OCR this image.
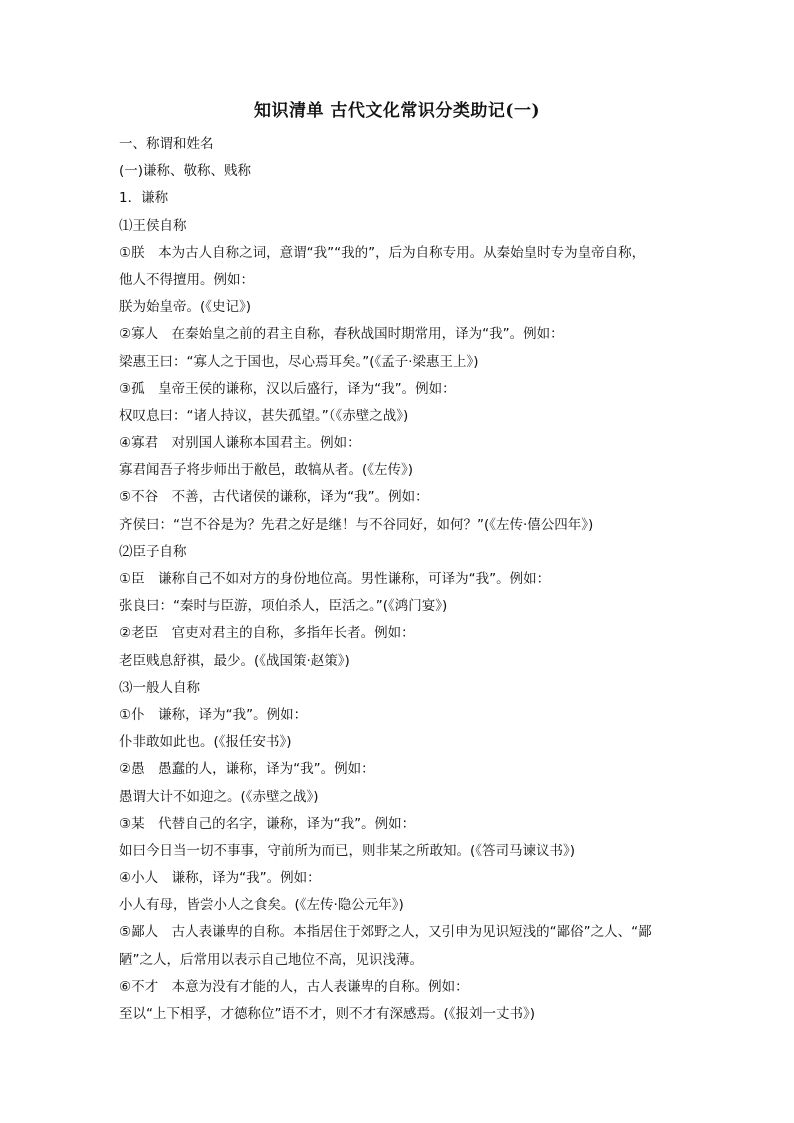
知识清单 古代文化常识分类助记(一)
一、称谓和姓名
(一)谦称、敬称、贱称
1．谦称
⑴王侯自称
①朕　本为古人自称之词，意谓“我”“我的”，后为自称专用。从秦始皇时专为皇帝自称，
他人不得擅用。例如：
朕为始皇帝。(《史记》)
②寡人　在秦始皇之前的君主自称，春秋战国时期常用，译为“我”。例如：
梁惠王曰：“寡人之于国也，尽心焉耳矣。”(《孟子·梁惠王上》)
③孤　皇帝王侯的谦称，汉以后盛行，译为“我”。例如：
权叹息曰：“诸人持议，甚失孤望。”（《赤壁之战》)
④寡君　对别国人谦称本国君主。例如：
寡君闻吾子将步师出于敝邑，敢犒从者。(《左传》)
⑤不谷　不善，古代诸侯的谦称，译为“我”。例如：
齐侯曰：“岂不谷是为？先君之好是继！与不谷同好，如何？”(《左传·僖公四年》)
⑵臣子自称
①臣　谦称自己不如对方的身份地位高。男性谦称，可译为“我”。例如：
张良曰：“秦时与臣游，项伯杀人，臣活之。”(《鸿门宴》)
②老臣　官吏对君主的自称，多指年长者。例如：
老臣贱息舒祺，最少。(《战国策·赵策》)
⑶一般人自称
①仆　谦称，译为“我”。例如：
仆非敢如此也。(《报任安书》)
②愚　愚蠢的人，谦称，译为“我”。例如：
愚谓大计不如迎之。(《赤壁之战》)
③某　代替自己的名字，谦称，译为“我”。例如：
如曰今日当一切不事事，守前所为而已，则非某之所敢知。(《答司马谏议书》)
④小人　谦称，译为“我”。例如：
小人有母，皆尝小人之食矣。(《左传·隐公元年》)
⑤鄙人　古人表谦卑的自称。本指居住于郊野之人，又引申为见识短浅的“鄙俗”之人、“鄙
陋”之人，后常用以表示自己地位不高，见识浅薄。
⑥不才　本意为没有才能的人，古人表谦卑的自称。例如：
至以“上下相孚，才德称位”语不才，则不才有深感焉。(《报刘一丈书》)
